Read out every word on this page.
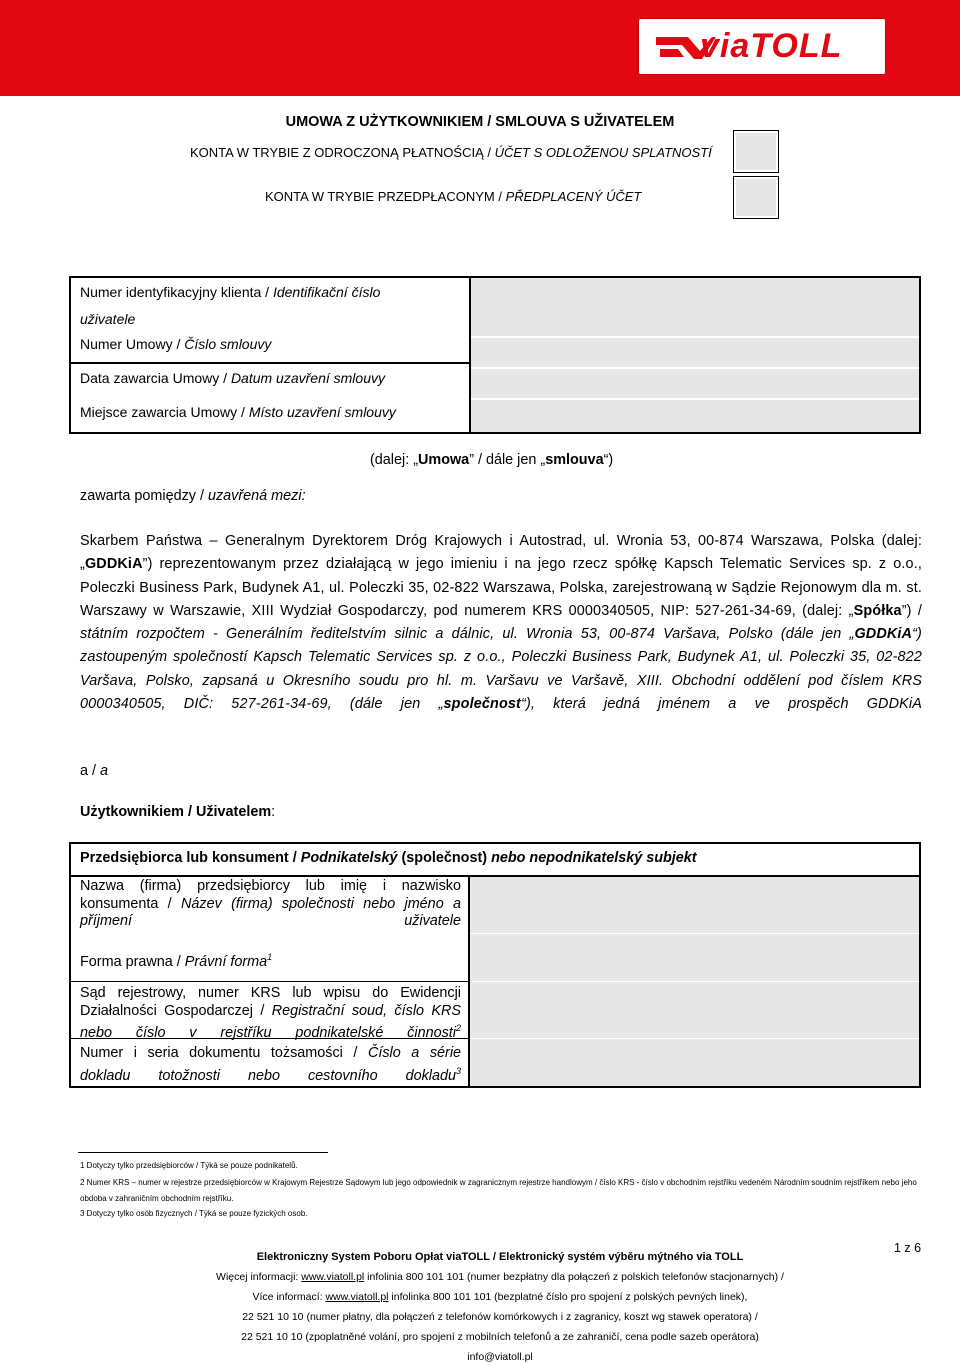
viaTOLL
UMOWA Z UŻYTKOWNIKIEM / SMLOUVA S UŽIVATELEM
KONTA W TRYBIE Z ODROCZONĄ PŁATNOŚCIĄ / ÚČET S ODLOŽENOU SPLATNOSTÍ
KONTA W TRYBIE PRZEDPŁACONYM / PŘEDPLACENÝ ÚČET
Numer identyfikacyjny klienta / Identifikační číslo
uživatele
Numer Umowy / Číslo smlouvy
Data zawarcia Umowy / Datum uzavření smlouvy
Miejsce zawarcia Umowy / Místo uzavření smlouvy
(dalej: „Umowa” / dále jen „smlouva“)
zawarta pomiędzy / uzavřená mezi:
Skarbem Państwa – Generalnym Dyrektorem Dróg Krajowych i Autostrad, ul. Wronia 53, 00-874 Warszawa, Polska (dalej: „GDDKiA”) reprezentowanym przez działającą w jego imieniu i na jego rzecz spółkę Kapsch Telematic Services sp. z o.o., Poleczki Business Park, Budynek A1, ul. Poleczki 35, 02-822 Warszawa, Polska, zarejestrowaną w Sądzie Rejonowym dla m. st. Warszawy w Warszawie, XIII Wydział Gospodarczy, pod numerem KRS 0000340505, NIP: 527-261-34-69, (dalej: „Spółka”) / státním rozpočtem - Generálním ředitelstvím silnic a dálnic, ul. Wronia 53, 00-874 Varšava, Polsko (dále jen „GDDKiA“) zastoupeným společností Kapsch Telematic Services sp. z o.o., Poleczki Business Park, Budynek A1, ul. Poleczki 35, 02-822 Varšava, Polsko, zapsaná u Okresního soudu pro hl. m. Varšavu ve Varšavě, XIII. Obchodní oddělení pod číslem KRS 0000340505, DIČ: 527-261-34-69, (dále jen „společnost“), která jedná jménem a ve prospěch GDDKiA
a / a
Użytkownikiem / Uživatelem:
Przedsiębiorca lub konsument / Podnikatelský (společnost) nebo nepodnikatelský subjekt
Nazwa (firma) przedsiębiorcy lub imię i nazwisko konsumenta / Název (firma) společnosti nebo jméno a příjmení uživatele
Forma prawna / Právní forma$^1$
Sąd rejestrowy, numer KRS lub wpisu do Ewidencji Działalności Gospodarczej / Registrační soud, číslo KRS nebo číslo v rejstříku podnikatelské činnosti$^2$
Numer i seria dokumentu tożsamości / Číslo a série dokladu totožnosti nebo cestovního dokladu$^3$
1 Dotyczy tylko przedsiębiorców / Týká se pouze podnikatelů.
2 Numer KRS – numer w rejestrze przedsiębiorców w Krajowym Rejestrze Sądowym lub jego odpowiednik w zagranicznym rejestrze handlowym / číslo KRS - číslo v obchodním rejstříku vedeném Národním soudním rejstříkem nebo jeho obdoba v zahraničním obchodním rejstříku.
3 Dotyczy tylko osób fizycznych / Týká se pouze fyzických osob.
1 z 6
Elektroniczny System Poboru Opłat viaTOLL / Elektronický systém výběru mýtného via TOLL
Więcej informacji: www.viatoll.pl infolinia 800 101 101 (numer bezpłatny dla połączeń z polskich telefonów stacjonarnych) /
Více informací: www.viatoll.pl infolinka 800 101 101 (bezplatné číslo pro spojení z polských pevných linek),
22 521 10 10 (numer płatny, dla połączeń z telefonów komórkowych i z zagranicy, koszt wg stawek operatora) /
22 521 10 10 (zpoplatněné volání, pro spojení z mobilních telefonů a ze zahraničí, cena podle sazeb operátora)
info@viatoll.pl
